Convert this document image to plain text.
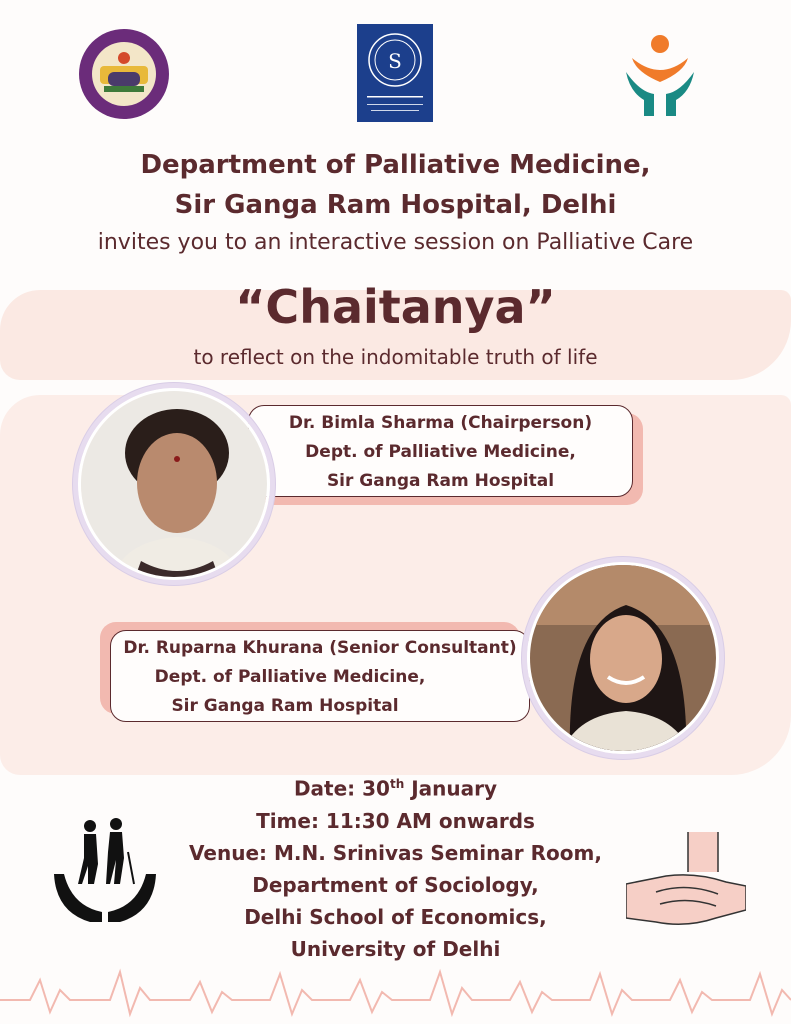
S
Department of Palliative Medicine,
Sir Ganga Ram Hospital, Delhi
invites you to an interactive session on Palliative Care
“Chaitanya”
to reflect on the indomitable truth of life
Dr. Bimla Sharma (Chairperson)
Dept. of Palliative Medicine,
Sir Ganga Ram Hospital
Dr. Ruparna Khurana (Senior Consultant)
Dept. of Palliative Medicine,
Sir Ganga Ram Hospital
Date: 30th January
Time: 11:30 AM onwards
Venue: M.N. Srinivas Seminar Room,
Department of Sociology,
Delhi School of Economics,
University of Delhi
